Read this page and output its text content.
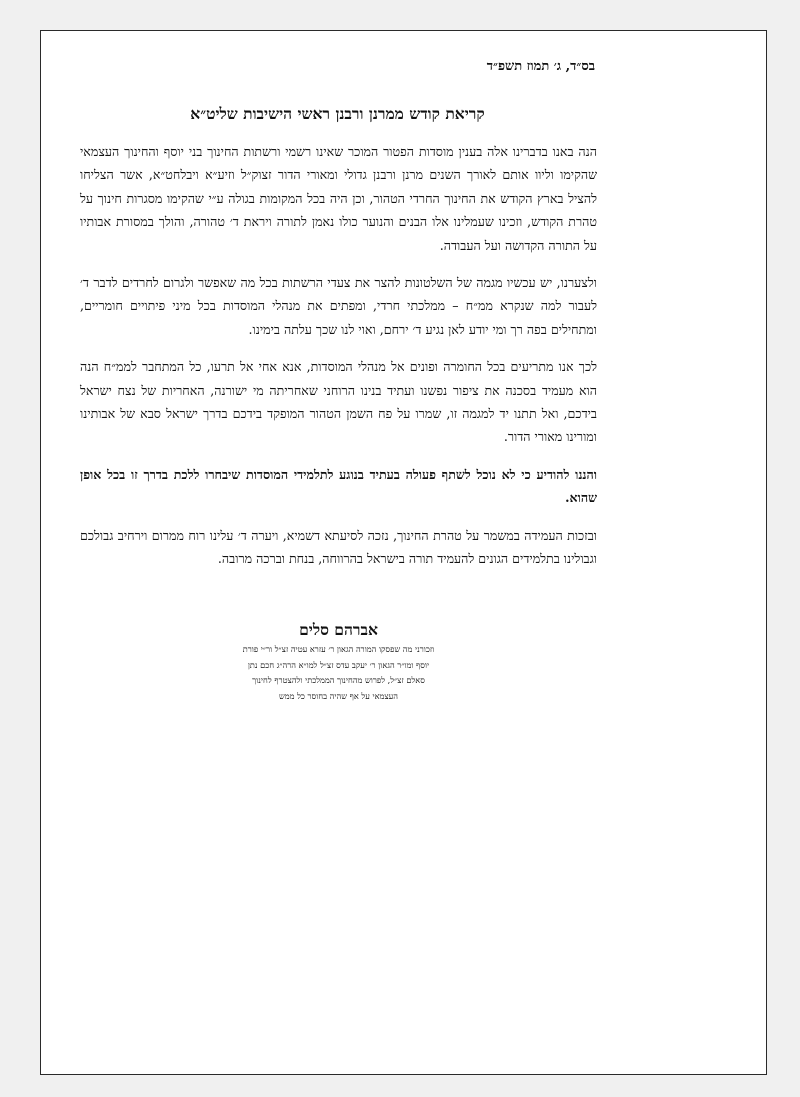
בס״ד, ג׳ תמוז תשפ״ד
קריאת קודש ממרנן ורבנן ראשי הישיבות שליט״א

הנה באנו בדברינו אלה בענין מוסדות הפטור המוכר שאינו רשמי ורשתות החינוך בני יוסף והחינוך העצמאי שהקימו וליוו אותם לאורך השנים מרנן ורבנן גדולי ומאורי הדור זצוק״ל וזיע״א ויבלחט״א, אשר הצליחו להציל בארץ הקודש את החינוך החרדי הטהור, וכן היה בכל המקומות בגולה ע״י שהקימו מסגרות חינוך על טהרת הקודש, וזכינו שעמלינו אלו הבנים והנוער כולו נאמן לתורה ויראת ד׳ טהורה, והולך במסורת אבותיו על התורה הקדושה ועל העבודה.

ולצערנו, יש עכשיו מגמה של השלטונות להצר את צעדי הרשתות בכל מה שאפשר ולגרום לחרדים לדבר ד׳ לעבור למה שנקרא ממ״ח – ממלכתי חרדי, ומפתים את מנהלי המוסדות בכל מיני פיתויים חומריים, ומתחילים בפה רך ומי יודע לאן נגיע ד׳ ירחם, ואוי לנו שכך עלתה בימינו.

לכך אנו מתריעים בכל החומרה ופונים אל מנהלי המוסדות, אנא אחי אל תרעו, כל המתחבר לממ״ח הנה הוא מעמיד בסכנה את ציפור נפשנו ועתיד בנינו הרוחני שאחריתה מי ישורנה, האחריות של נצח ישראל בידכם, ואל תתנו יד למגמה זו, שמרו על פח השמן הטהור המופקד בידכם בדרך ישראל סבא של אבותינו ומורינו מאורי הדור.

והננו להודיע כי לא נוכל לשתף פעולה בעתיד בנוגע לתלמידי המוסדות שיבחרו ללכת בדרך זו בכל אופן שהוא.

ובזכות העמידה במשמר על טהרת החינוך, נזכה לסיעתא דשמיא, ויערה ד׳ עלינו רוח ממרום וירחיב גבולכם וגבולינו בתלמידים הגונים להעמיד תורה בישראל בהרווחה, בנחת וברכה מרובה.

אברהם סלים
וזכורני מה שפסקו המורה הגאון ר׳ עזרא עטיה זצ״ל ור״י פורת
יוסף ומו״ר הגאון ר׳ יעקב עדס זצ״ל למו״א הרה״ג חכם נתן
סאלם זצ״ל, לפרוש מהחינוך הממלכתי ולהצטרף לחינוך
העצמאי על אף שהיה בחוסר כל ממש
